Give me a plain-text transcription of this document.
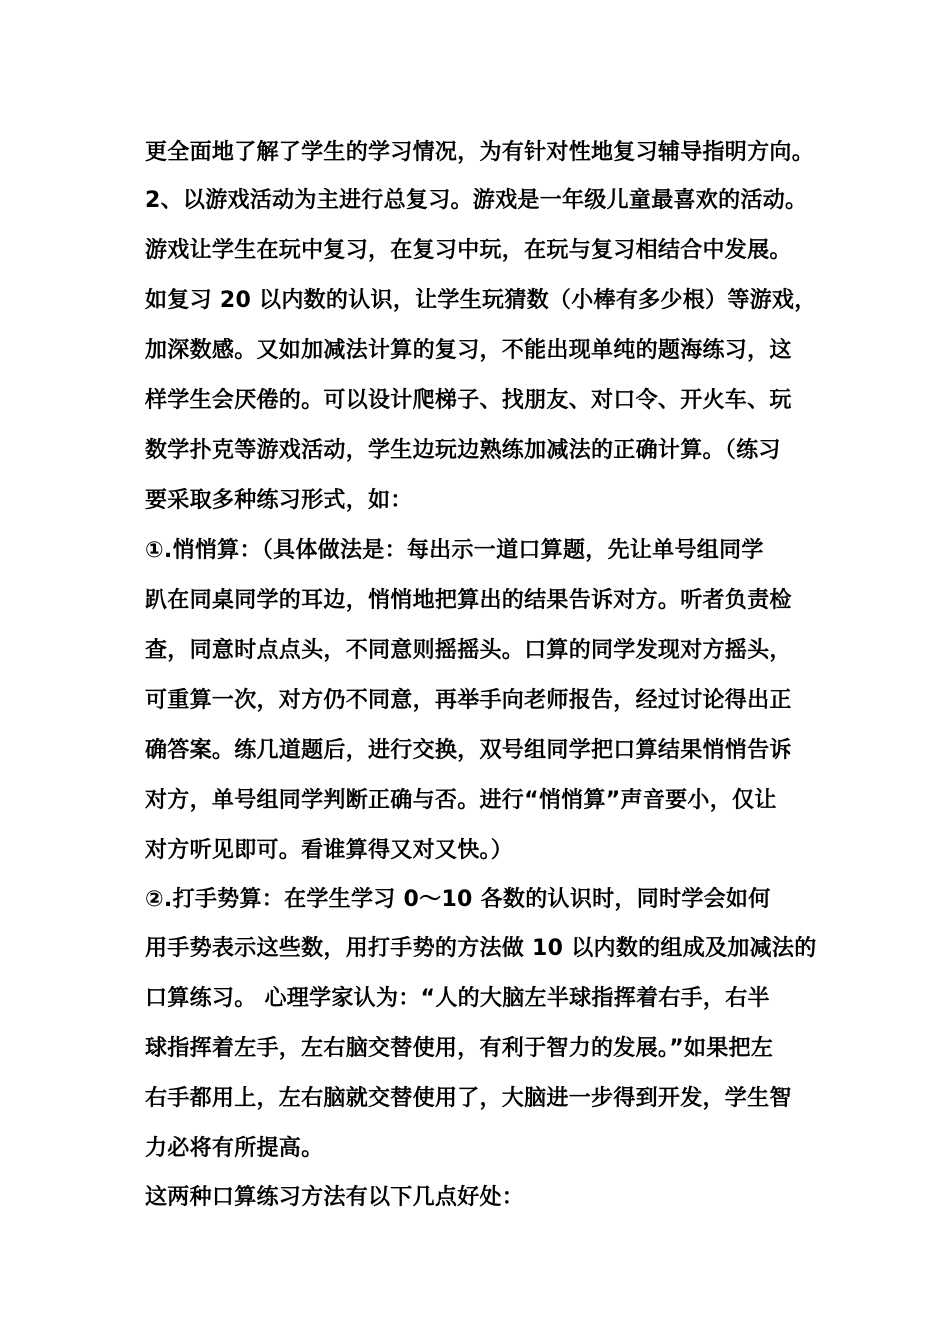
更全面地了解了学生的学习情况，为有针对性地复习辅导指明方向。
2、以游戏活动为主进行总复习。游戏是一年级儿童最喜欢的活动。
游戏让学生在玩中复习，在复习中玩，在玩与复习相结合中发展。
如复习 20 以内数的认识，让学生玩猜数（小棒有多少根）等游戏，
加深数感。又如加减法计算的复习，不能出现单纯的题海练习，这
样学生会厌倦的。可以设计爬梯子、找朋友、对口令、开火车、玩
数学扑克等游戏活动，学生边玩边熟练加减法的正确计算。（练习
要采取多种练习形式，如：
①.悄悄算：（具体做法是：每出示一道口算题，先让单号组同学
趴在同桌同学的耳边，悄悄地把算出的结果告诉对方。听者负责检
查，同意时点点头，不同意则摇摇头。口算的同学发现对方摇头，
可重算一次，对方仍不同意，再举手向老师报告，经过讨论得出正
确答案。练几道题后，进行交换，双号组同学把口算结果悄悄告诉
对方，单号组同学判断正确与否。进行“悄悄算”声音要小，仅让
对方听见即可。看谁算得又对又快。）
②.打手势算：在学生学习 0～10 各数的认识时，同时学会如何
用手势表示这些数，用打手势的方法做 10 以内数的组成及加减法的
口算练习。 心理学家认为：“人的大脑左半球指挥着右手，右半
球指挥着左手，左右脑交替使用，有利于智力的发展。”如果把左
右手都用上，左右脑就交替使用了，大脑进一步得到开发，学生智
力必将有所提高。
这两种口算练习方法有以下几点好处：
